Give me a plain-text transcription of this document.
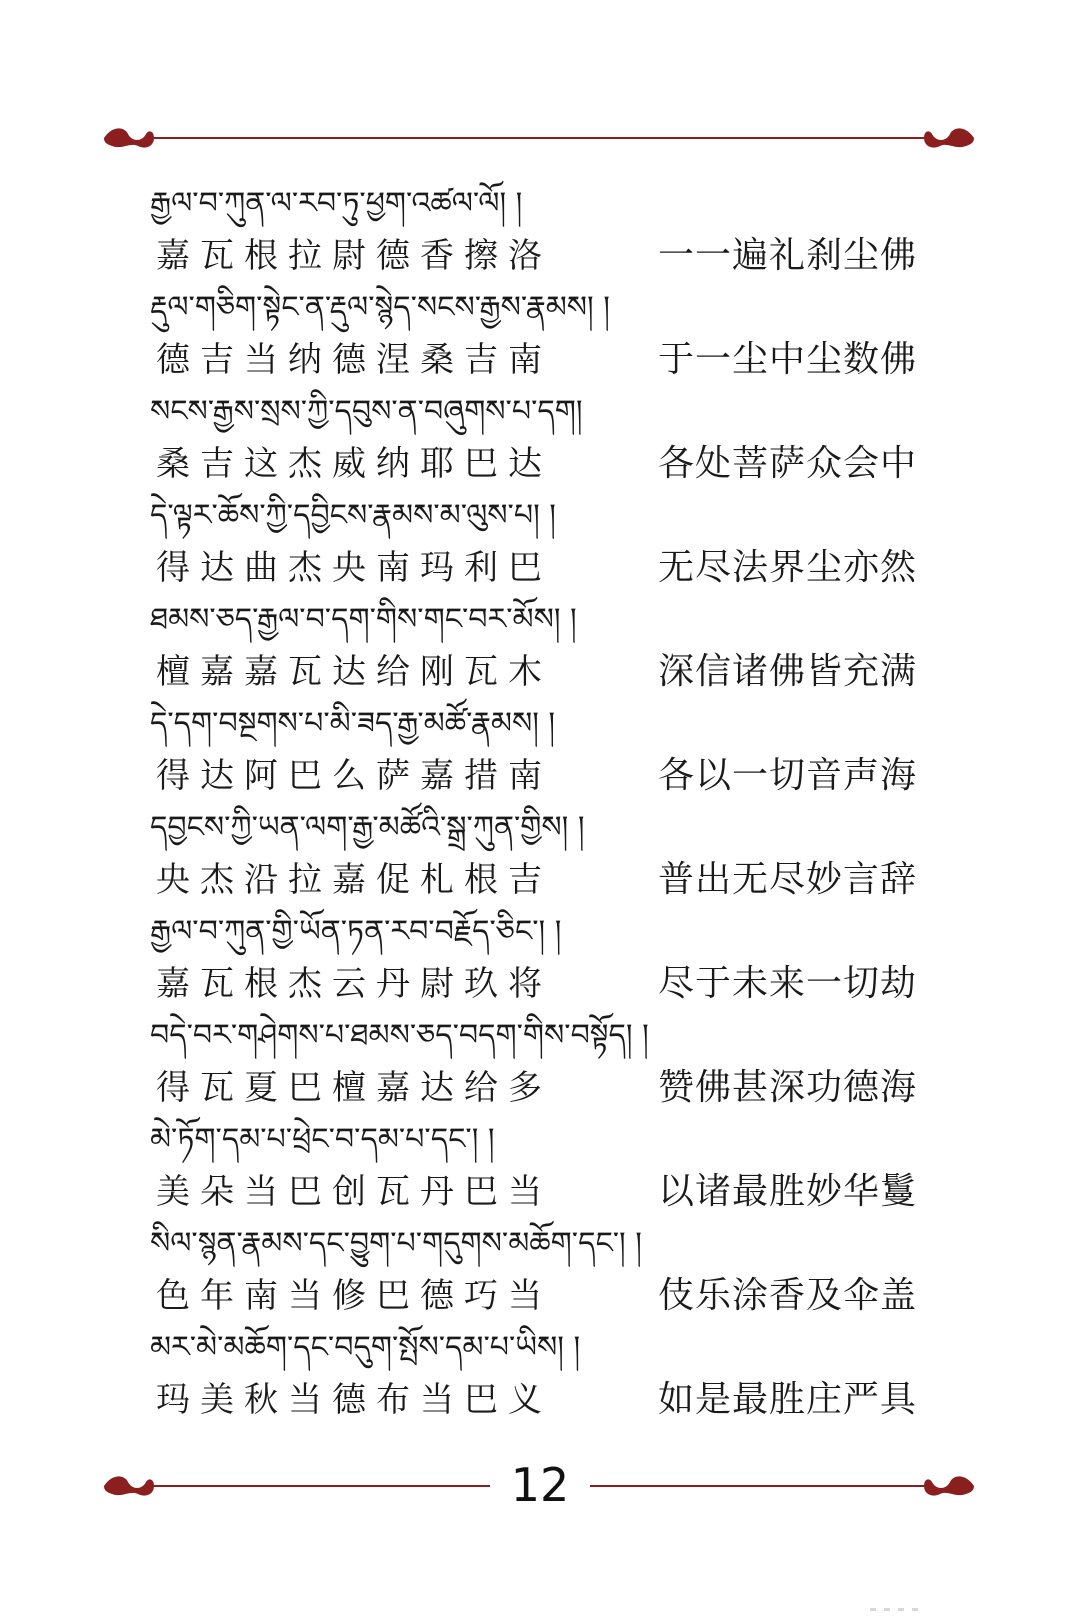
རྒྱལ་བ་ཀུན་ལ་རབ་ཏུ་ཕྱག་འཚལ་ལོ། །
嘉瓦根拉尉德香擦洛	一一遍礼刹尘佛
རྡུལ་གཅིག་སྟེང་ན་རྡུལ་སྙེད་སངས་རྒྱས་རྣམས། །
德吉当纳德涅桑吉南	于一尘中尘数佛
སངས་རྒྱས་སྲས་ཀྱི་དབུས་ན་བཞུགས་པ་དག།
桑吉这杰威纳耶巴达	各处菩萨众会中
དེ་ལྟར་ཆོས་ཀྱི་དབྱིངས་རྣམས་མ་ལུས་པ། །
得达曲杰央南玛利巴	无尽法界尘亦然
ཐམས་ཅད་རྒྱལ་བ་དག་གིས་གང་བར་མོས། །
檀嘉嘉瓦达给刚瓦木	深信诸佛皆充满
དེ་དག་བསྔགས་པ་མི་ཟད་རྒྱ་མཚོ་རྣམས། །
得达阿巴么萨嘉措南	各以一切音声海
དབྱངས་ཀྱི་ཡན་ལག་རྒྱ་མཚོའི་སྒྲ་ཀུན་གྱིས། །
央杰沿拉嘉促札根吉	普出无尽妙言辞
རྒྱལ་བ་ཀུན་གྱི་ཡོན་ཏན་རབ་བརྗོད་ཅིང་། །
嘉瓦根杰云丹尉玖将	尽于未来一切劫
བདེ་བར་གཤེགས་པ་ཐམས་ཅད་བདག་གིས་བསྟོད། །
得瓦夏巴檀嘉达给多	赞佛甚深功德海
མེ་ཏོག་དམ་པ་ཕྲེང་བ་དམ་པ་དང་། །
美朵当巴创瓦丹巴当	以诸最胜妙华鬘
སིལ་སྙན་རྣམས་དང་བྱུག་པ་གདུགས་མཆོག་དང་། །
色年南当修巴德巧当	伎乐涂香及伞盖
མར་མེ་མཆོག་དང་བདུག་སྤོས་དམ་པ་ཡིས། །
玛美秋当德布当巴义	如是最胜庄严具
12
